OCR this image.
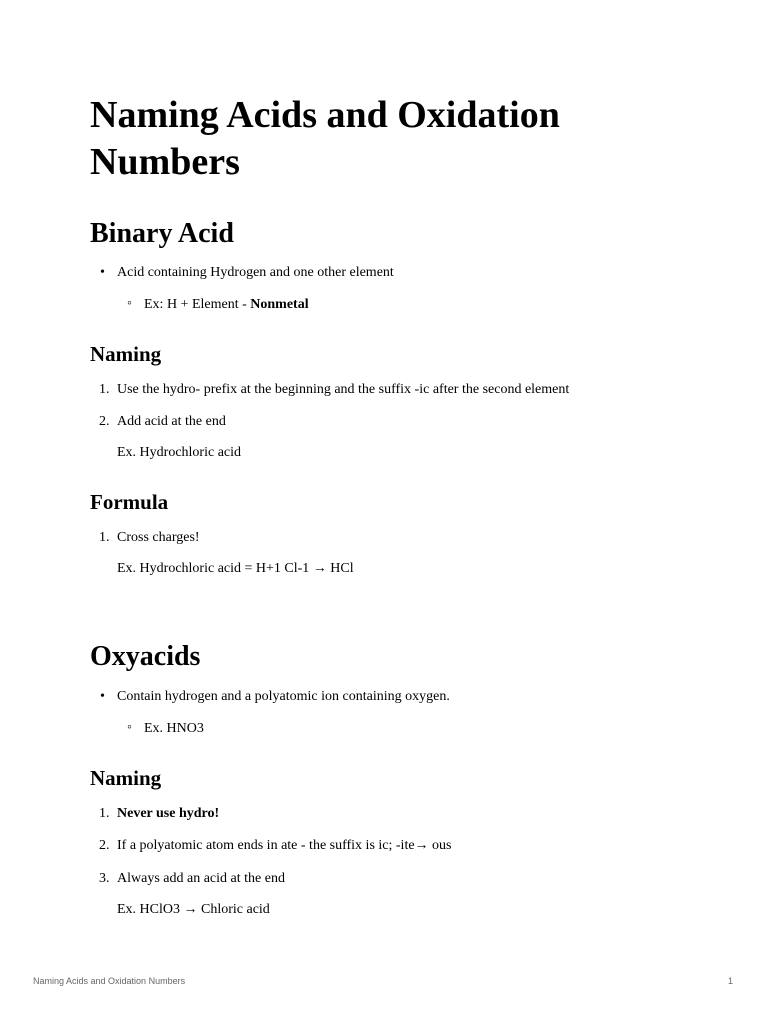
Naming Acids and Oxidation Numbers
Binary Acid
• Acid containing Hydrogen and one other element
◦ Ex: H + Element - Nonmetal
Naming
1. Use the hydro- prefix at the beginning and the suffix -ic after the second element
2. Add acid at the end
Ex. Hydrochloric acid
Formula
1. Cross charges!
Ex. Hydrochloric acid = H+1 Cl-1 → HCl
Oxyacids
• Contain hydrogen and a polyatomic ion containing oxygen.
◦ Ex. HNO3
Naming
1. Never use hydro!
2. If a polyatomic atom ends in ate - the suffix is ic; -ite→ ous
3. Always add an acid at the end
Ex. HClO3 → Chloric acid
Naming Acids and Oxidation Numbers	1
